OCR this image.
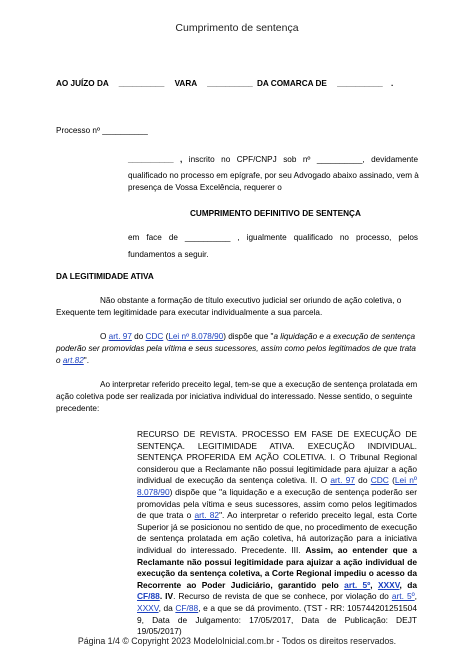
Cumprimento de sentença
AO JUÍZO DA __________ VARA __________ DA COMARCA DE __________ .
Processo nº __________
__________ , inscrito no CPF/CNPJ sob nº __________, devidamente
qualificado no processo em epígrafe, por seu Advogado abaixo assinado, vem à
presença de Vossa Excelência, requerer o
CUMPRIMENTO DEFINITIVO DE SENTENÇA
em face de __________ , igualmente qualificado no processo, pelos
fundamentos a seguir.
DA LEGITIMIDADE ATIVA
Não obstante a formação de título executivo judicial ser oriundo de ação coletiva, o
Exequente tem legitimidade para executar individualmente a sua parcela.
O art. 97 do CDC (Lei nº 8.078/90) dispõe que "a liquidação e a execução de sentença
poderão ser promovidas pela vítima e seus sucessores, assim como pelos legitimados de que trata
o art.82".
Ao interpretar referido preceito legal, tem-se que a execução de sentença prolatada em
ação coletiva pode ser realizada por iniciativa individual do interessado. Nesse sentido, o seguinte
precedente:
RECURSO DE REVISTA. PROCESSO EM FASE DE EXECUÇÃO DE SENTENÇA. LEGITIMIDADE ATIVA. EXECUÇÃO INDIVIDUAL. SENTENÇA PROFERIDA EM AÇÃO COLETIVA. I. O Tribunal Regional considerou que a Reclamante não possui legitimidade para ajuizar a ação individual de execução da sentença coletiva. II. O art. 97 do CDC (Lei nº 8.078/90) dispõe que "a liquidação e a execução de sentença poderão ser promovidas pela vítima e seus sucessores, assim como pelos legitimados de que trata o art. 82". Ao interpretar o referido preceito legal, esta Corte Superior já se posicionou no sentido de que, no procedimento de execução de sentença prolatada em ação coletiva, há autorização para a iniciativa individual do interessado. Precedente. III. Assim, ao entender que a Reclamante não possui legitimidade para ajuizar a ação individual de execução da sentença coletiva, a Corte Regional impediu o acesso da Recorrente ao Poder Judiciário, garantido pelo art. 5º, XXXV, da CF/88. IV. Recurso de revista de que se conhece, por violação do art. 5º, XXXV, da CF/88, e a que se dá provimento. (TST - RR: 105744201251504 9, Data de Julgamento: 17/05/2017, Data de Publicação: DEJT 19/05/2017)
Página 1/4 © Copyright 2023 ModeloInicial.com.br - Todos os direitos reservados.
